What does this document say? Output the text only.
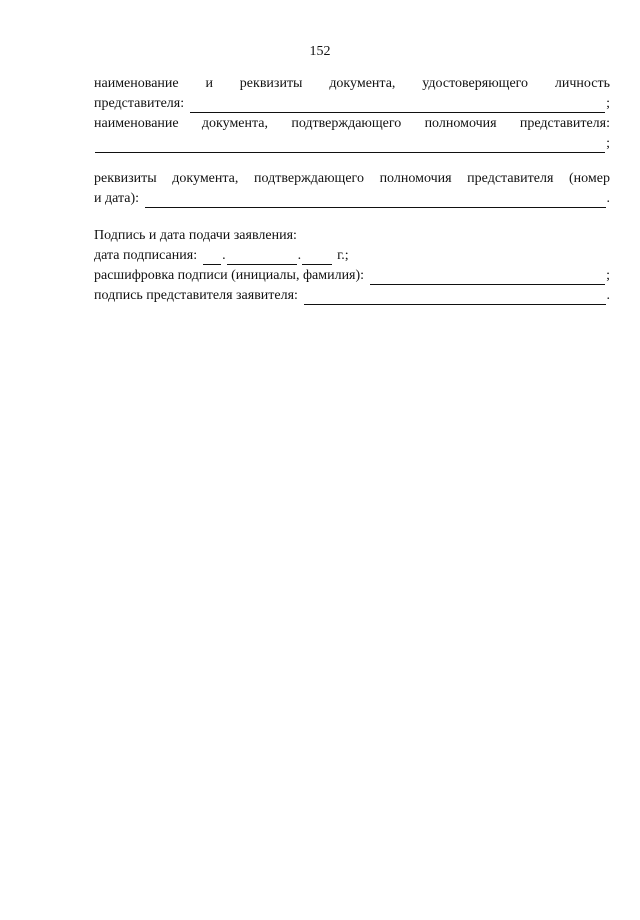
152
наименование и реквизиты документа, удостоверяющего личность
представителя:	;
наименование документа, подтверждающего полномочия представителя:
;
реквизиты документа, подтверждающего полномочия представителя (номер
и дата):	.
Подпись и дата подачи заявления:
дата подписания: .	.	г.;
расшифровка подписи (инициалы, фамилия):	;
подпись представителя заявителя:	.
